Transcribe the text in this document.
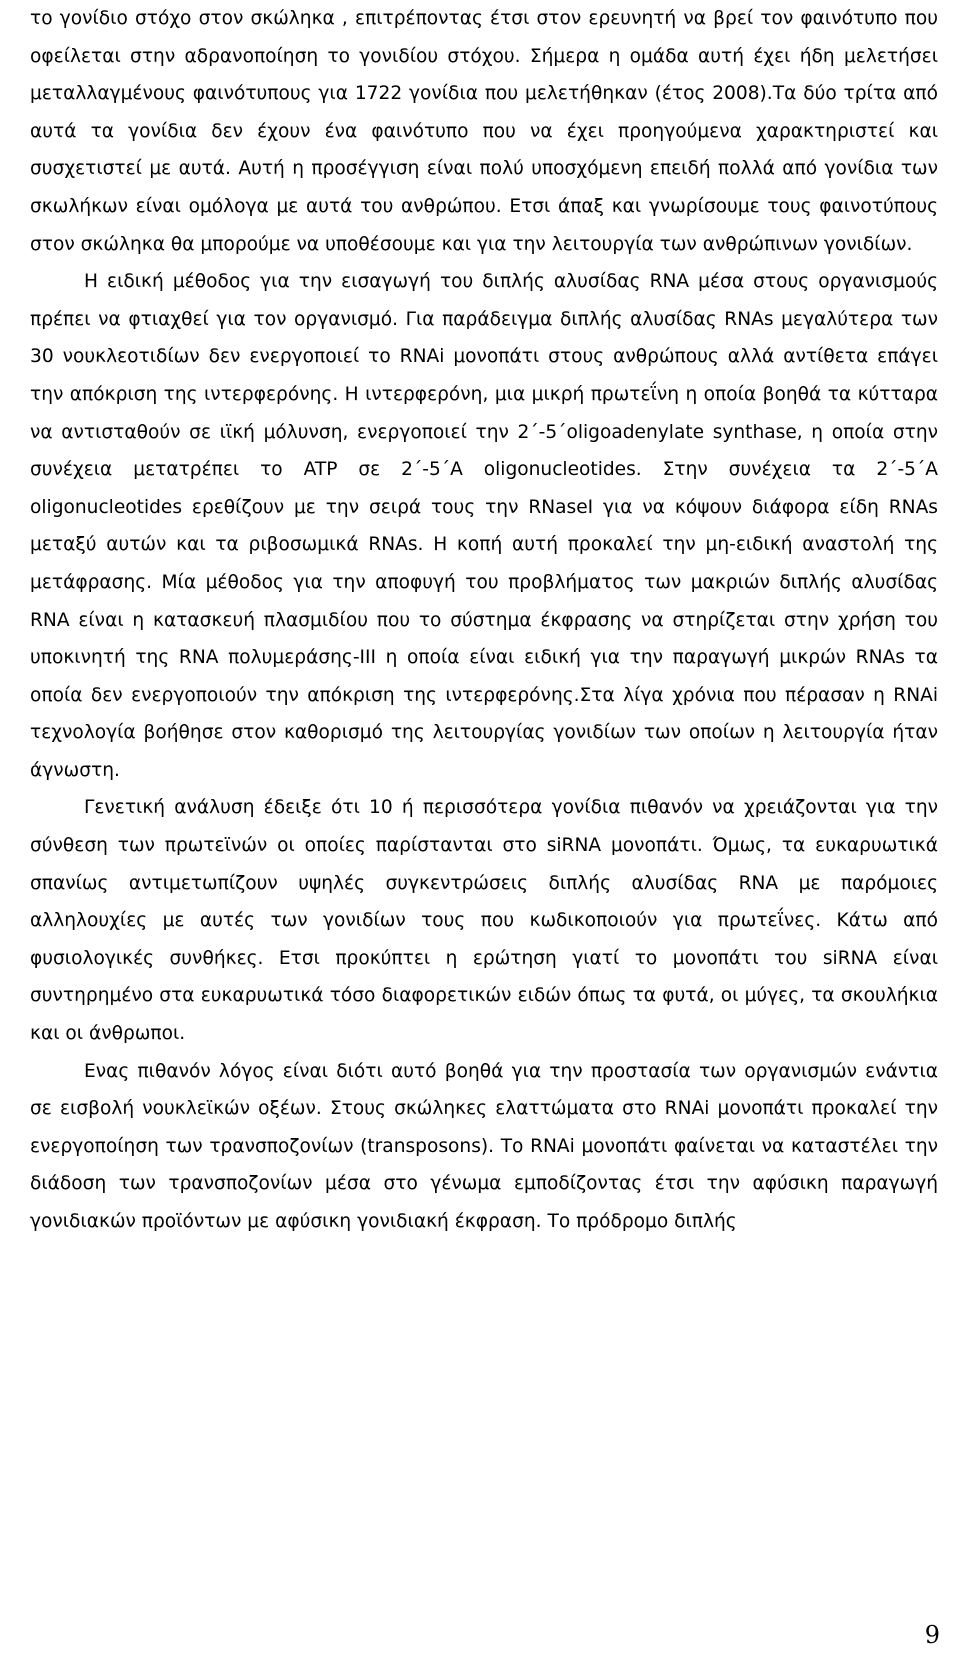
το γονίδιο στόχο στον σκώληκα , επιτρέποντας έτσι στον ερευνητή να βρεί τον φαινότυπο που οφείλεται στην αδρανοποίηση το γονιδίου στόχου. Σήμερα η ομάδα αυτή έχει ήδη μελετήσει μεταλλαγμένους φαινότυπους για 1722 γονίδια που μελετήθηκαν (έτος 2008).Τα δύο τρίτα από αυτά τα γονίδια δεν έχουν ένα φαινότυπο που να έχει προηγούμενα χαρακτηριστεί και συσχετιστεί με αυτά. Αυτή η προσέγγιση είναι πολύ υποσχόμενη επειδή πολλά από γονίδια των σκωλήκων είναι ομόλογα με αυτά του ανθρώπου. Ετσι άπαξ και γνωρίσουμε τους φαινοτύπους στον σκώληκα θα μπορούμε να υποθέσουμε και για την λειτουργία των ανθρώπινων γονιδίων.

Η ειδική μέθοδος για την εισαγωγή του διπλής αλυσίδας RNA μέσα στους οργανισμούς πρέπει να φτιαχθεί για τον οργανισμό. Για παράδειγμα διπλής αλυσίδας RNAs μεγαλύτερα των 30 νουκλεοτιδίων δεν ενεργοποιεί το RNAi μονοπάτι στους ανθρώπους αλλά αντίθετα επάγει την απόκριση της ιντερφερόνης. Η ιντερφερόνη, μια μικρή πρωτεΐνη η οποία βοηθά τα κύτταρα να αντισταθούν σε ιϊκή μόλυνση, ενεργοποιεί την 2΄-5΄oligoadenylate synthase, η οποία στην συνέχεια μετατρέπει το ATP σε 2΄-5΄A oligonucleotides. Στην συνέχεια τα 2΄-5΄A oligonucleotides ερεθίζουν με την σειρά τους την RNaseI για να κόψουν διάφορα είδη RNAs μεταξύ αυτών και τα ριβοσωμικά RNAs. Η κοπή αυτή προκαλεί την μη-ειδική αναστολή της μετάφρασης. Μία μέθοδος για την αποφυγή του προβλήματος των μακριών διπλής αλυσίδας RNA είναι η κατασκευή πλασμιδίου που το σύστημα έκφρασης να στηρίζεται στην χρήση του υποκινητή της RNA πολυμεράσης-III η οποία είναι ειδική για την παραγωγή μικρών RNAs τα οποία δεν ενεργοποιούν την απόκριση της ιντερφερόνης.Στα λίγα χρόνια που πέρασαν η RNAi τεχνολογία βοήθησε στον καθορισμό της λειτουργίας γονιδίων των οποίων η λειτουργία ήταν άγνωστη.

Γενετική ανάλυση έδειξε ότι 10 ή περισσότερα γονίδια πιθανόν να χρειάζονται για την σύνθεση των πρωτεϊνών οι οποίες παρίστανται στο siRNA μονοπάτι. Όμως, τα ευκαρυωτικά σπανίως αντιμετωπίζουν υψηλές συγκεντρώσεις διπλής αλυσίδας RNA με παρόμοιες αλληλουχίες με αυτές των γονιδίων τους που κωδικοποιούν για πρωτεΐνες. Κάτω από φυσιολογικές συνθήκες. Ετσι προκύπτει η ερώτηση γιατί το μονοπάτι του siRNA είναι συντηρημένο στα ευκαρυωτικά τόσο διαφορετικών ειδών όπως τα φυτά, οι μύγες, τα σκουλήκια και οι άνθρωποι.

Ενας πιθανόν λόγος είναι διότι αυτό βοηθά για την προστασία των οργανισμών ενάντια σε εισβολή νουκλεϊκών οξέων. Στους σκώληκες ελαττώματα στο RNAi μονοπάτι προκαλεί την ενεργοποίηση των τρανσποζονίων (transposons). Το RNAi μονοπάτι φαίνεται να καταστέλει την διάδοση των τρανσποζονίων μέσα στο γένωμα εμποδίζοντας έτσι την αφύσικη παραγωγή γονιδιακών προϊόντων με αφύσικη γονιδιακή έκφραση. Το πρόδρομο διπλής

9
